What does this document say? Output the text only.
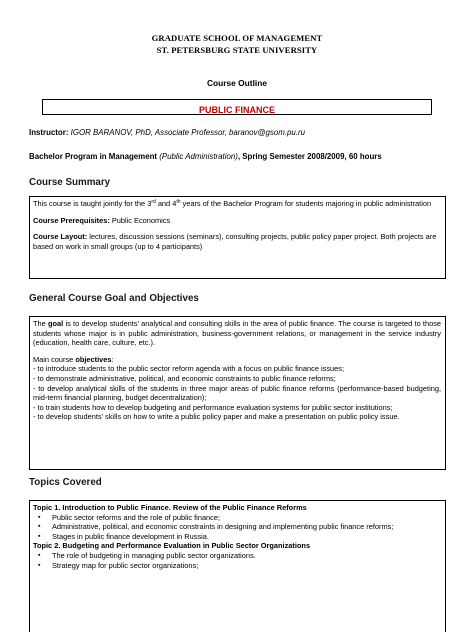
GRADUATE SCHOOL OF MANAGEMENT
ST. PETERSBURG STATE UNIVERSITY
Course Outline
PUBLIC FINANCE
Instructor: IGOR BARANOV, PhD, Associate Professor, baranov@gsom.pu.ru
Bachelor Program in Management (Public Administration), Spring Semester 2008/2009, 60 hours
Course Summary

This course is taught jointly for the 3rd and 4th years of the Bachelor Program for students majoring in public administration

Course Prerequisites: Public Economics

Course Layout: lectures, discussion sessions (seminars), consulting projects, public policy paper project. Both projects are based on work in small groups (up to 4 participants)

General Course Goal and Objectives

The goal is to develop students’ analytical and consulting skills in the area of public finance. The course is targeted to those students whose major is in public administration, business-government relations, or management in the service industry (education, health care, culture, etc.).

Main course objectives:

- to introduce students to the public sector reform agenda with a focus on public finance issues;

- to demonstrate administrative, political, and economic constraints to public finance reforms;

- to develop analytical skills of the students in three major areas of public finance reforms (performance-based budgeting, mid-term financial planning, budget decentralization);

- to train students how to develop budgeting and performance evaluation systems for public sector institutions;

- to develop students’ skills on how to write a public policy paper and make a presentation on public policy issue.

Topics Covered

Topic 1. Introduction to Public Finance. Review of the Public Finance Reforms

▪	Public sector reforms and the role of public finance;
▪	Administrative, political, and economic constraints in designing and implementing public finance reforms;
▪	Stages in public finance development in Russia.

Topic 2. Budgeting and Performance Evaluation in Public Sector Organizations

▪	The role of budgeting in managing public sector organizations.
▪	Strategy map for public sector organizations;
